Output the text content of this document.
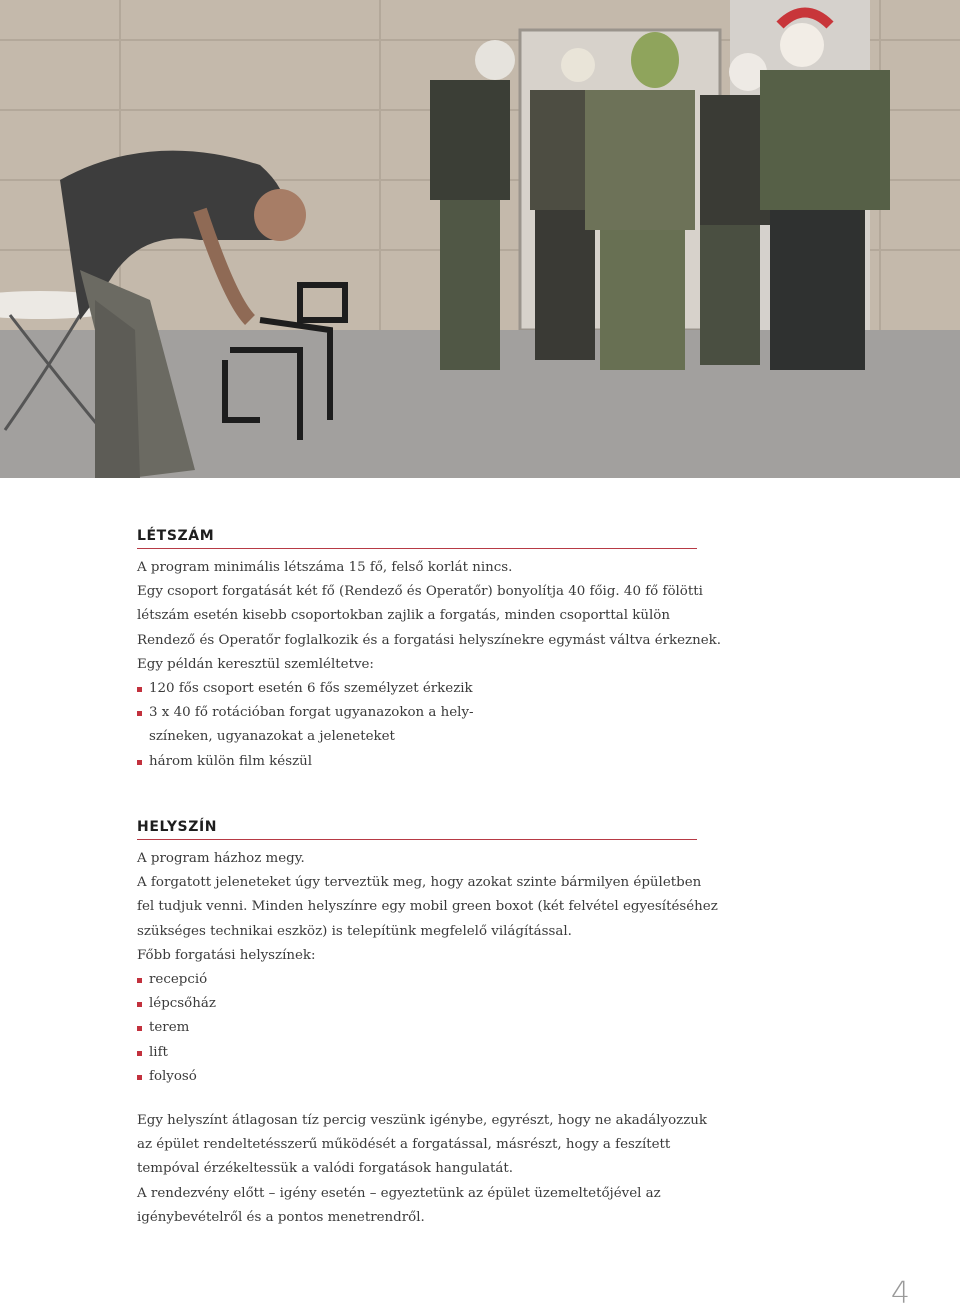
LÉTSZÁM

A program minimális létszáma 15 fő, felső korlát nincs.

Egy csoport forgatását két fő (Rendező és Operatőr) bonyolítja 40 főig. 40 fő fölötti

létszám esetén kisebb csoportokban zajlik a forgatás, minden csoporttal külön

Rendező és Operatőr foglalkozik és a forgatási helyszínekre egymást váltva érkeznek.

Egy példán keresztül szemléltetve:

120 fős csoport esetén 6 fős személyzet érkezik
3 x 40 fő rotációban forgat ugyanazokon a hely-
színeken, ugyanazokat a jeleneteket
három külön film készül
HELYSZÍN

A program házhoz megy.

A forgatott jeleneteket úgy terveztük meg, hogy azokat szinte bármilyen épületben

fel tudjuk venni. Minden helyszínre egy mobil green boxot (két felvétel egyesítéséhez

szükséges technikai eszköz) is telepítünk megfelelő világítással.

Főbb forgatási helyszínek:

recepció
lépcsőház
terem
lift
folyosó

Egy helyszínt átlagosan tíz percig veszünk igénybe, egyrészt, hogy ne akadályozzuk

az épület rendeltetésszerű működését a forgatással, másrészt, hogy a feszített

tempóval érzékeltessük a valódi forgatások hangulatát.

A rendezvény előtt – igény esetén – egyeztetünk az épület üzemeltetőjével az

igénybevételről és a pontos menetrendről.

4
